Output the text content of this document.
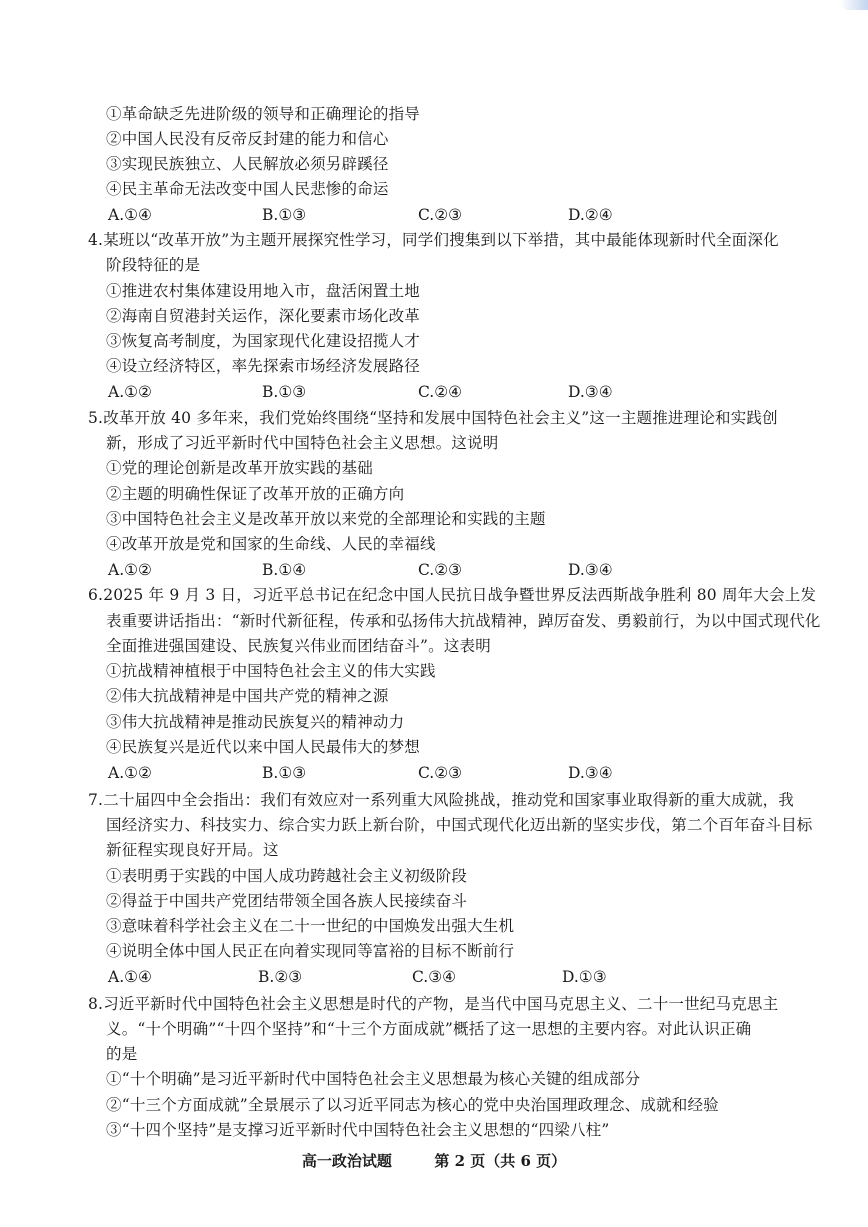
①革命缺乏先进阶级的领导和正确理论的指导
②中国人民没有反帝反封建的能力和信心
③实现民族独立、人民解放必须另辟蹊径
④民主革命无法改变中国人民悲惨的命运
A.①④	B.①③	C.②③	D.②④
4.某班以“改革开放”为主题开展探究性学习，同学们搜集到以下举措，其中最能体现新时代全面深化
阶段特征的是
①推进农村集体建设用地入市，盘活闲置土地
②海南自贸港封关运作，深化要素市场化改革
③恢复高考制度，为国家现代化建设招揽人才
④设立经济特区，率先探索市场经济发展路径
A.①②	B.①③	C.②④	D.③④
5.改革开放 40 多年来，我们党始终围绕“坚持和发展中国特色社会主义”这一主题推进理论和实践创
新，形成了习近平新时代中国特色社会主义思想。这说明
①党的理论创新是改革开放实践的基础
②主题的明确性保证了改革开放的正确方向
③中国特色社会主义是改革开放以来党的全部理论和实践的主题
④改革开放是党和国家的生命线、人民的幸福线
A.①②	B.①④	C.②③	D.③④
6.2025 年 9 月 3 日，习近平总书记在纪念中国人民抗日战争暨世界反法西斯战争胜利 80 周年大会上发
表重要讲话指出：“新时代新征程，传承和弘扬伟大抗战精神，踔厉奋发、勇毅前行，为以中国式现代化
全面推进强国建设、民族复兴伟业而团结奋斗”。这表明
①抗战精神植根于中国特色社会主义的伟大实践
②伟大抗战精神是中国共产党的精神之源
③伟大抗战精神是推动民族复兴的精神动力
④民族复兴是近代以来中国人民最伟大的梦想
A.①②	B.①③	C.②③	D.③④
7.二十届四中全会指出：我们有效应对一系列重大风险挑战，推动党和国家事业取得新的重大成就，我
国经济实力、科技实力、综合实力跃上新台阶，中国式现代化迈出新的坚实步伐，第二个百年奋斗目标
新征程实现良好开局。这
①表明勇于实践的中国人成功跨越社会主义初级阶段
②得益于中国共产党团结带领全国各族人民接续奋斗
③意味着科学社会主义在二十一世纪的中国焕发出强大生机
④说明全体中国人民正在向着实现同等富裕的目标不断前行
A.①④	B.②③	C.③④	D.①③
8.习近平新时代中国特色社会主义思想是时代的产物，是当代中国马克思主义、二十一世纪马克思主
义。“十个明确”“十四个坚持”和“十三个方面成就”概括了这一思想的主要内容。对此认识正确
的是
①“十个明确”是习近平新时代中国特色社会主义思想最为核心关键的组成部分
②“十三个方面成就”全景展示了以习近平同志为核心的党中央治国理政理念、成就和经验
③“十四个坚持”是支撑习近平新时代中国特色社会主义思想的“四梁八柱”
高一政治试题	第 2 页（共 6 页）
